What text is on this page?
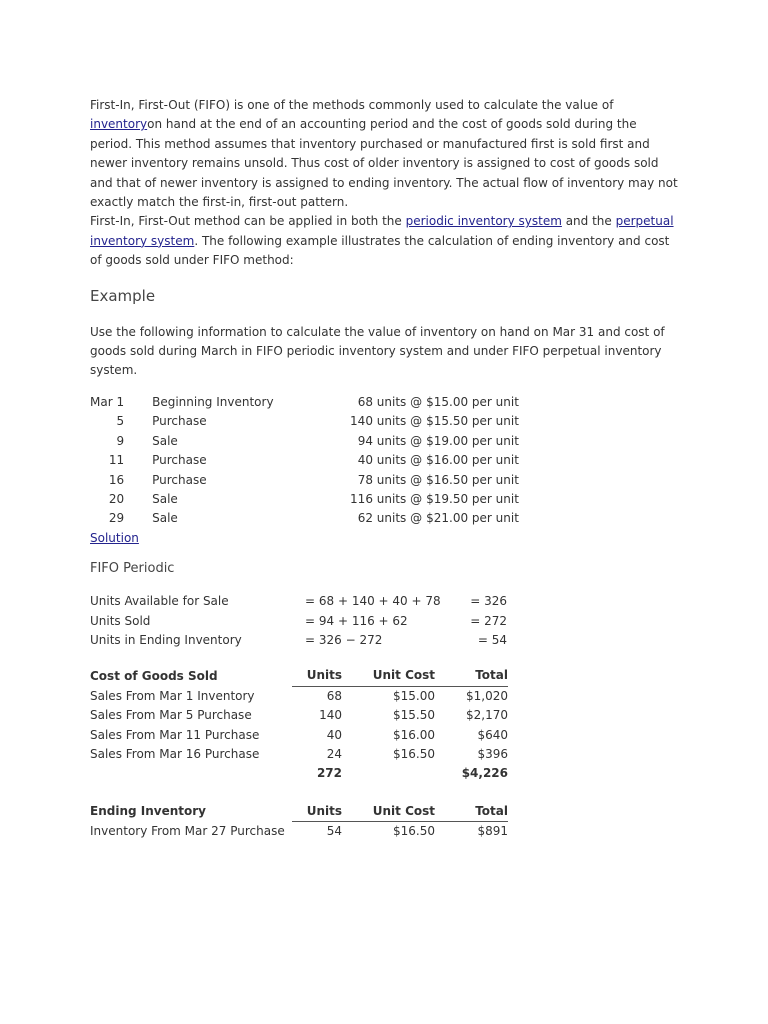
First-In, First-Out (FIFO) is one of the methods commonly used to calculate the value of inventoryon hand at the end of an accounting period and the cost of goods sold during the period. This method assumes that inventory purchased or manufactured first is sold first and newer inventory remains unsold. Thus cost of older inventory is assigned to cost of goods sold and that of newer inventory is assigned to ending inventory. The actual flow of inventory may not exactly match the first-in, first-out pattern.

First-In, First-Out method can be applied in both the periodic inventory system and the perpetual inventory system. The following example illustrates the calculation of ending inventory and cost of goods sold under FIFO method:

Example

Use the following information to calculate the value of inventory on hand on Mar 31 and cost of goods sold during March in FIFO periodic inventory system and under FIFO perpetual inventory system.

Mar 1		Beginning Inventory	68 units @		$15.00 per unit
5		Purchase	140 units @		$15.50 per unit
9		Sale	94 units @		$19.00 per unit
11		Purchase	40 units @		$16.00 per unit
16		Purchase	78 units @		$16.50 per unit
20		Sale	116 units @		$19.50 per unit
29		Sale	62 units @		$21.00 per unit
Solution
FIFO Periodic
Units Available for Sale	= 68 + 140 + 40 + 78	= 326
Units Sold	= 94 + 116 + 62	= 272
Units in Ending Inventory	= 326 − 272	= 54
Cost of Goods Sold	Units	Unit Cost	Total
Sales From Mar 1 Inventory	68	$15.00	$1,020
Sales From Mar 5 Purchase	140	$15.50	$2,170
Sales From Mar 11 Purchase	40	$16.00	$640
Sales From Mar 16 Purchase	24	$16.50	$396
	272		$4,226
Ending Inventory	Units	Unit Cost	Total
Inventory From Mar 27 Purchase	54	$16.50	$891
